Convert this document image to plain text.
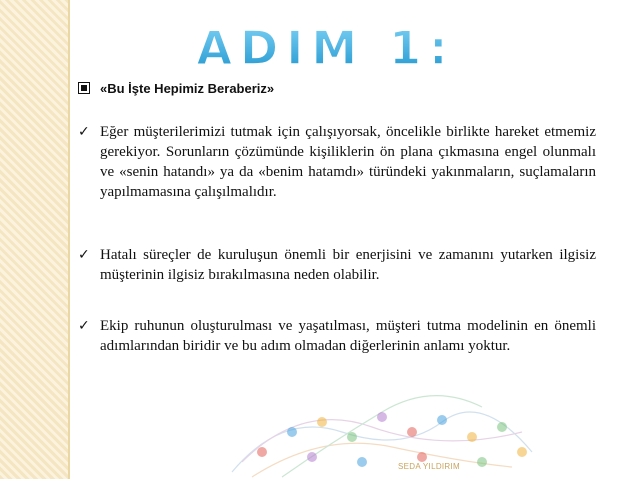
ADIM 1:
«Bu İşte Hepimiz Beraberiz»
✓ Eğer müşterilerimizi tutmak için çalışıyorsak, öncelikle birlikte hareket etmemiz gerekiyor. Sorunların çözümünde kişiliklerin ön plana çıkmasına engel olunmalı ve «senin hatandı» ya da «benim hatamdı» türündeki yakınmaların, suçlamaların yapılmamasına çalışılmalıdır.
✓ Hatalı süreçler de kuruluşun önemli bir enerjisini ve zamanını yutarken ilgisiz müşterinin ilgisiz bırakılmasına neden olabilir.
✓ Ekip ruhunun oluşturulması ve yaşatılması, müşteri tutma modelinin en önemli adımlarından biridir ve bu adım olmadan diğerlerinin anlamı yoktur.
SEDA YILDIRIM
